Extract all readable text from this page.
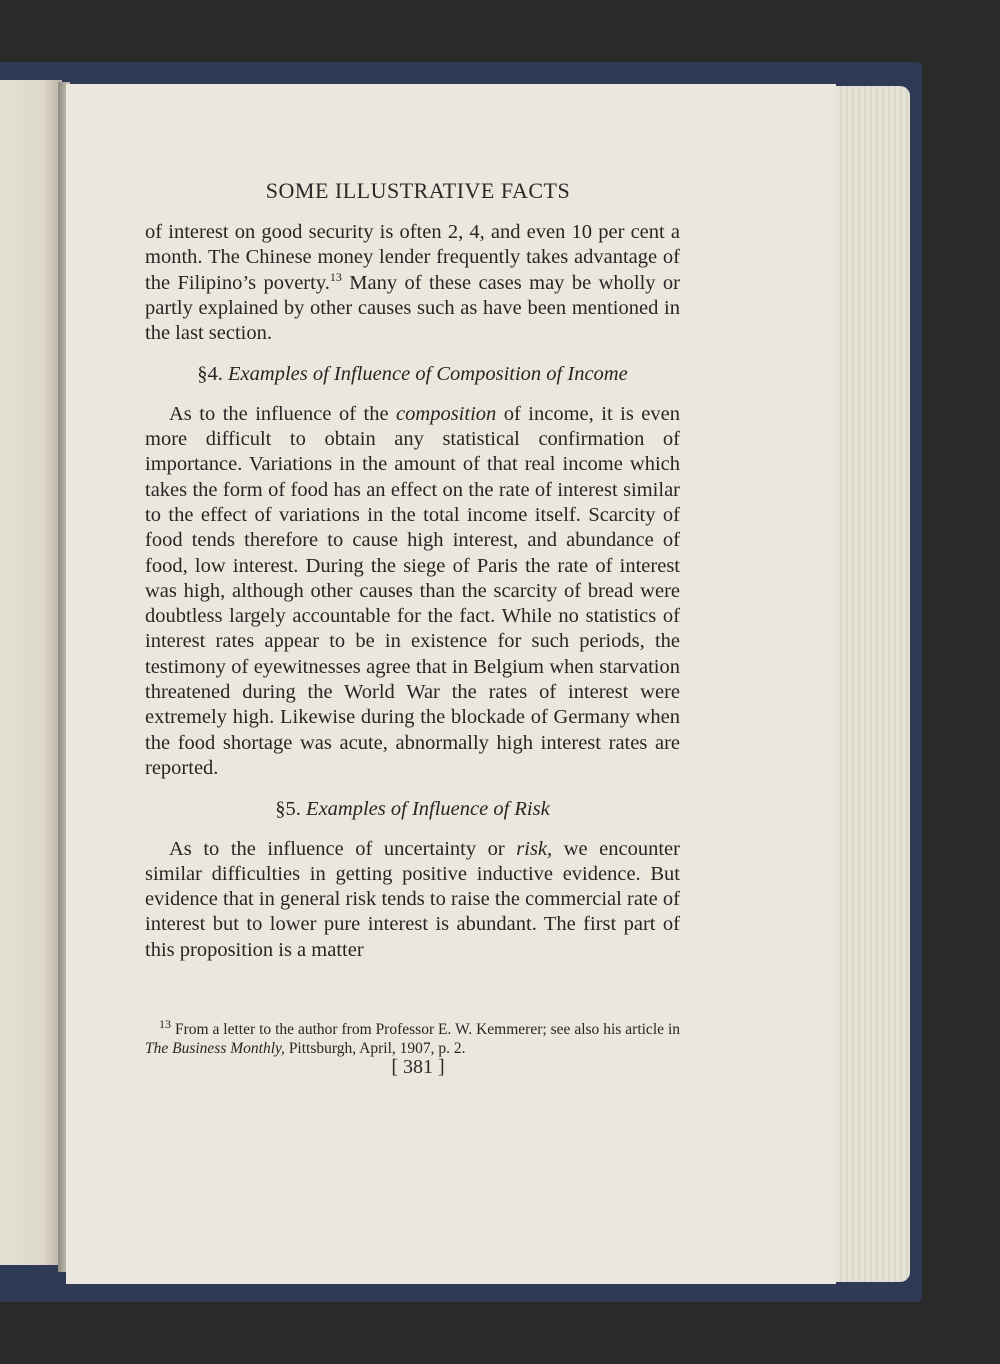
SOME ILLUSTRATIVE FACTS

of interest on good security is often 2, 4, and even 10 per cent a month. The Chinese money lender frequently takes advantage of the Filipino’s poverty.$^{13}$ Many of these cases may be wholly or partly explained by other causes such as have been mentioned in the last section.

§4. Examples of Influence of Composition of Income

As to the influence of the composition of income, it is even more difficult to obtain any statistical confirmation of importance. Variations in the amount of that real income which takes the form of food has an effect on the rate of interest similar to the effect of variations in the total income itself. Scarcity of food tends therefore to cause high interest, and abundance of food, low interest. During the siege of Paris the rate of interest was high, although other causes than the scarcity of bread were doubtless largely accountable for the fact. While no statistics of interest rates appear to be in existence for such periods, the testimony of eyewitnesses agree that in Belgium when starvation threatened during the World War the rates of interest were extremely high. Likewise during the blockade of Germany when the food shortage was acute, abnormally high interest rates are reported.

§5. Examples of Influence of Risk

As to the influence of uncertainty or risk, we encounter similar difficulties in getting positive inductive evidence. But evidence that in general risk tends to raise the commercial rate of interest but to lower pure interest is abundant. The first part of this proposition is a matter

$^{13}$ From a letter to the author from Professor E. W. Kemmerer; see also his article in The Business Monthly, Pittsburgh, April, 1907, p. 2.

[ 381 ]
